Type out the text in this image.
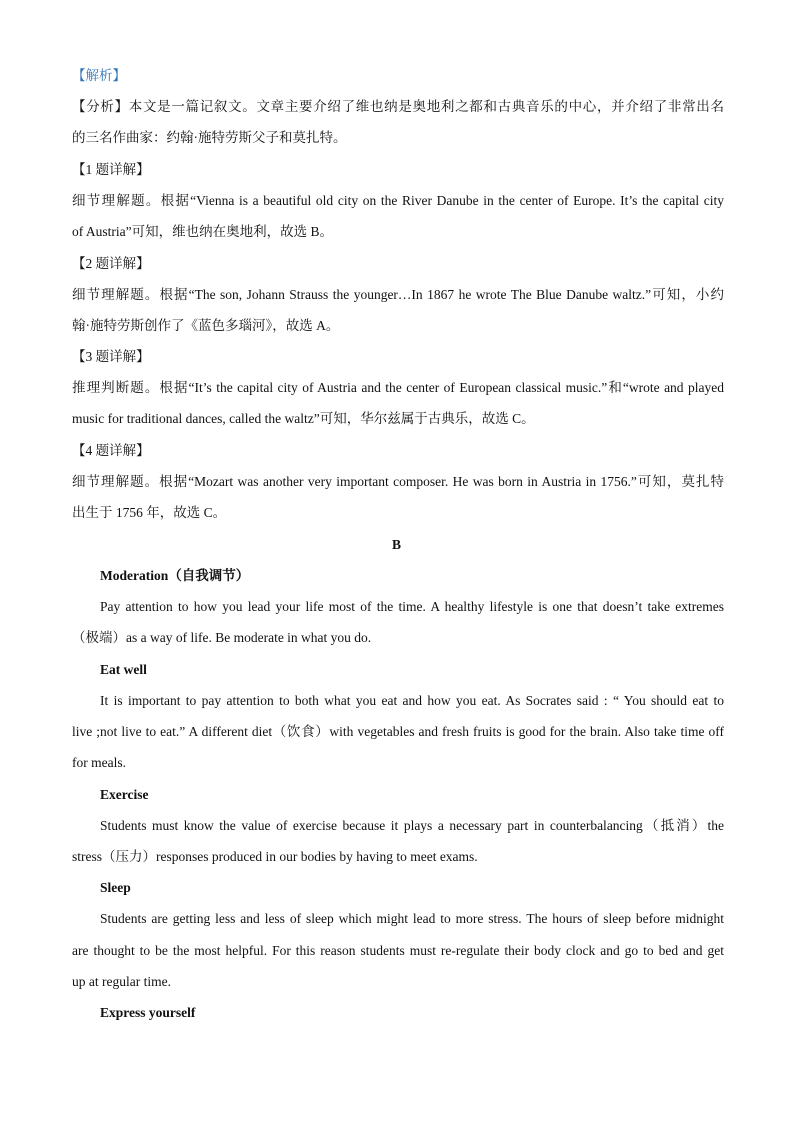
【解析】
【分析】本文是一篇记叙文。文章主要介绍了维也纳是奥地利之都和古典音乐的中心，并介绍了非常出名
的三名作曲家：约翰·施特劳斯父子和莫扎特。
【1 题详解】
细节理解题。根据“Vienna is a beautiful old city on the River Danube in the center of Europe. It’s the capital city
of Austria”可知，维也纳在奥地利，故选 B。
【2 题详解】
细节理解题。根据“The son, Johann Strauss the younger…In 1867 he wrote The Blue Danube waltz.”可知，小约
翰·施特劳斯创作了《蓝色多瑙河》，故选 A。
【3 题详解】
推理判断题。根据“It’s the capital city of Austria and the center of European classical music.”和“wrote and played
music for traditional dances, called the waltz”可知，华尔兹属于古典乐，故选 C。
【4 题详解】
细节理解题。根据“Mozart was another very important composer. He was born in Austria in 1756.”可知，莫扎特
出生于 1756 年，故选 C。
B
Moderation（自我调节）
Pay attention to how you lead your life most of the time. A healthy lifestyle is one that doesn’t take extremes
（极端）as a way of life. Be moderate in what you do.
Eat well
It is important to pay attention to both what you eat and how you eat. As Socrates said : “ You should eat to
live ;not live to eat.” A different diet（饮食）with vegetables and fresh fruits is good for the brain. Also take time off
for meals.
Exercise
Students must know the value of exercise because it plays a necessary part in counterbalancing（抵消）the
stress（压力）responses produced in our bodies by having to meet exams.
Sleep
Students are getting less and less of sleep which might lead to more stress. The hours of sleep before midnight
are thought to be the most helpful. For this reason students must re-regulate their body clock and go to bed and get
up at regular time.
Express yourself
